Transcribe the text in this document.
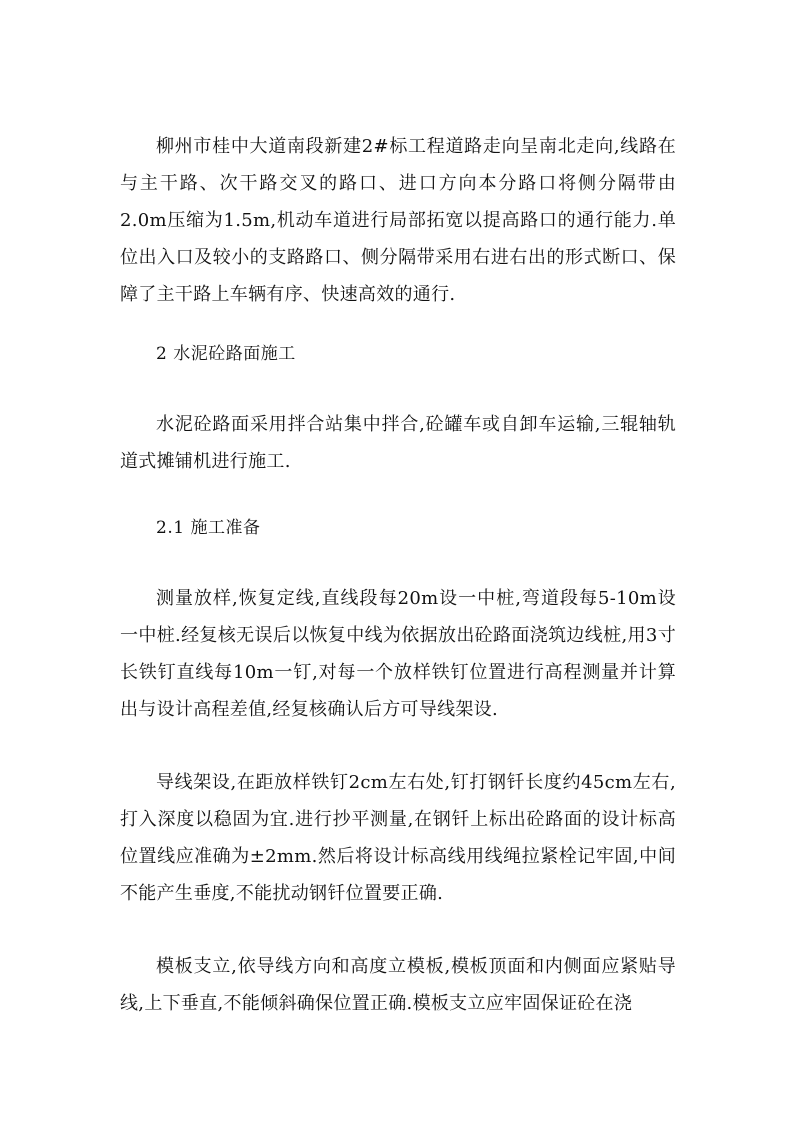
柳州市桂中大道南段新建2#标工程道路走向呈南北走向,线路在与主干路、次干路交叉的路口、进口方向本分路口将侧分隔带由2.0m压缩为1.5m,机动车道进行局部拓宽以提高路口的通行能力.单位出入口及较小的支路路口、侧分隔带采用右进右出的形式断口、保障了主干路上车辆有序、快速高效的通行.

2 水泥砼路面施工

水泥砼路面采用拌合站集中拌合,砼罐车或自卸车运输,三辊轴轨道式摊铺机进行施工.

2.1 施工准备

测量放样,恢复定线,直线段每20m设一中桩,弯道段每5-10m设一中桩.经复核无误后以恢复中线为依据放出砼路面浇筑边线桩,用3寸长铁钉直线每10m一钉,对每一个放样铁钉位置进行高程测量并计算出与设计高程差值,经复核确认后方可导线架设.

导线架设,在距放样铁钉2cm左右处,钉打钢钎长度约45cm左右,打入深度以稳固为宜.进行抄平测量,在钢钎上标出砼路面的设计标高位置线应准确为±2mm.然后将设计标高线用线绳拉紧栓记牢固,中间不能产生垂度,不能扰动钢钎位置要正确.

模板支立,依导线方向和高度立模板,模板顶面和内侧面应紧贴导线,上下垂直,不能倾斜确保位置正确.模板支立应牢固保证砼在浇
